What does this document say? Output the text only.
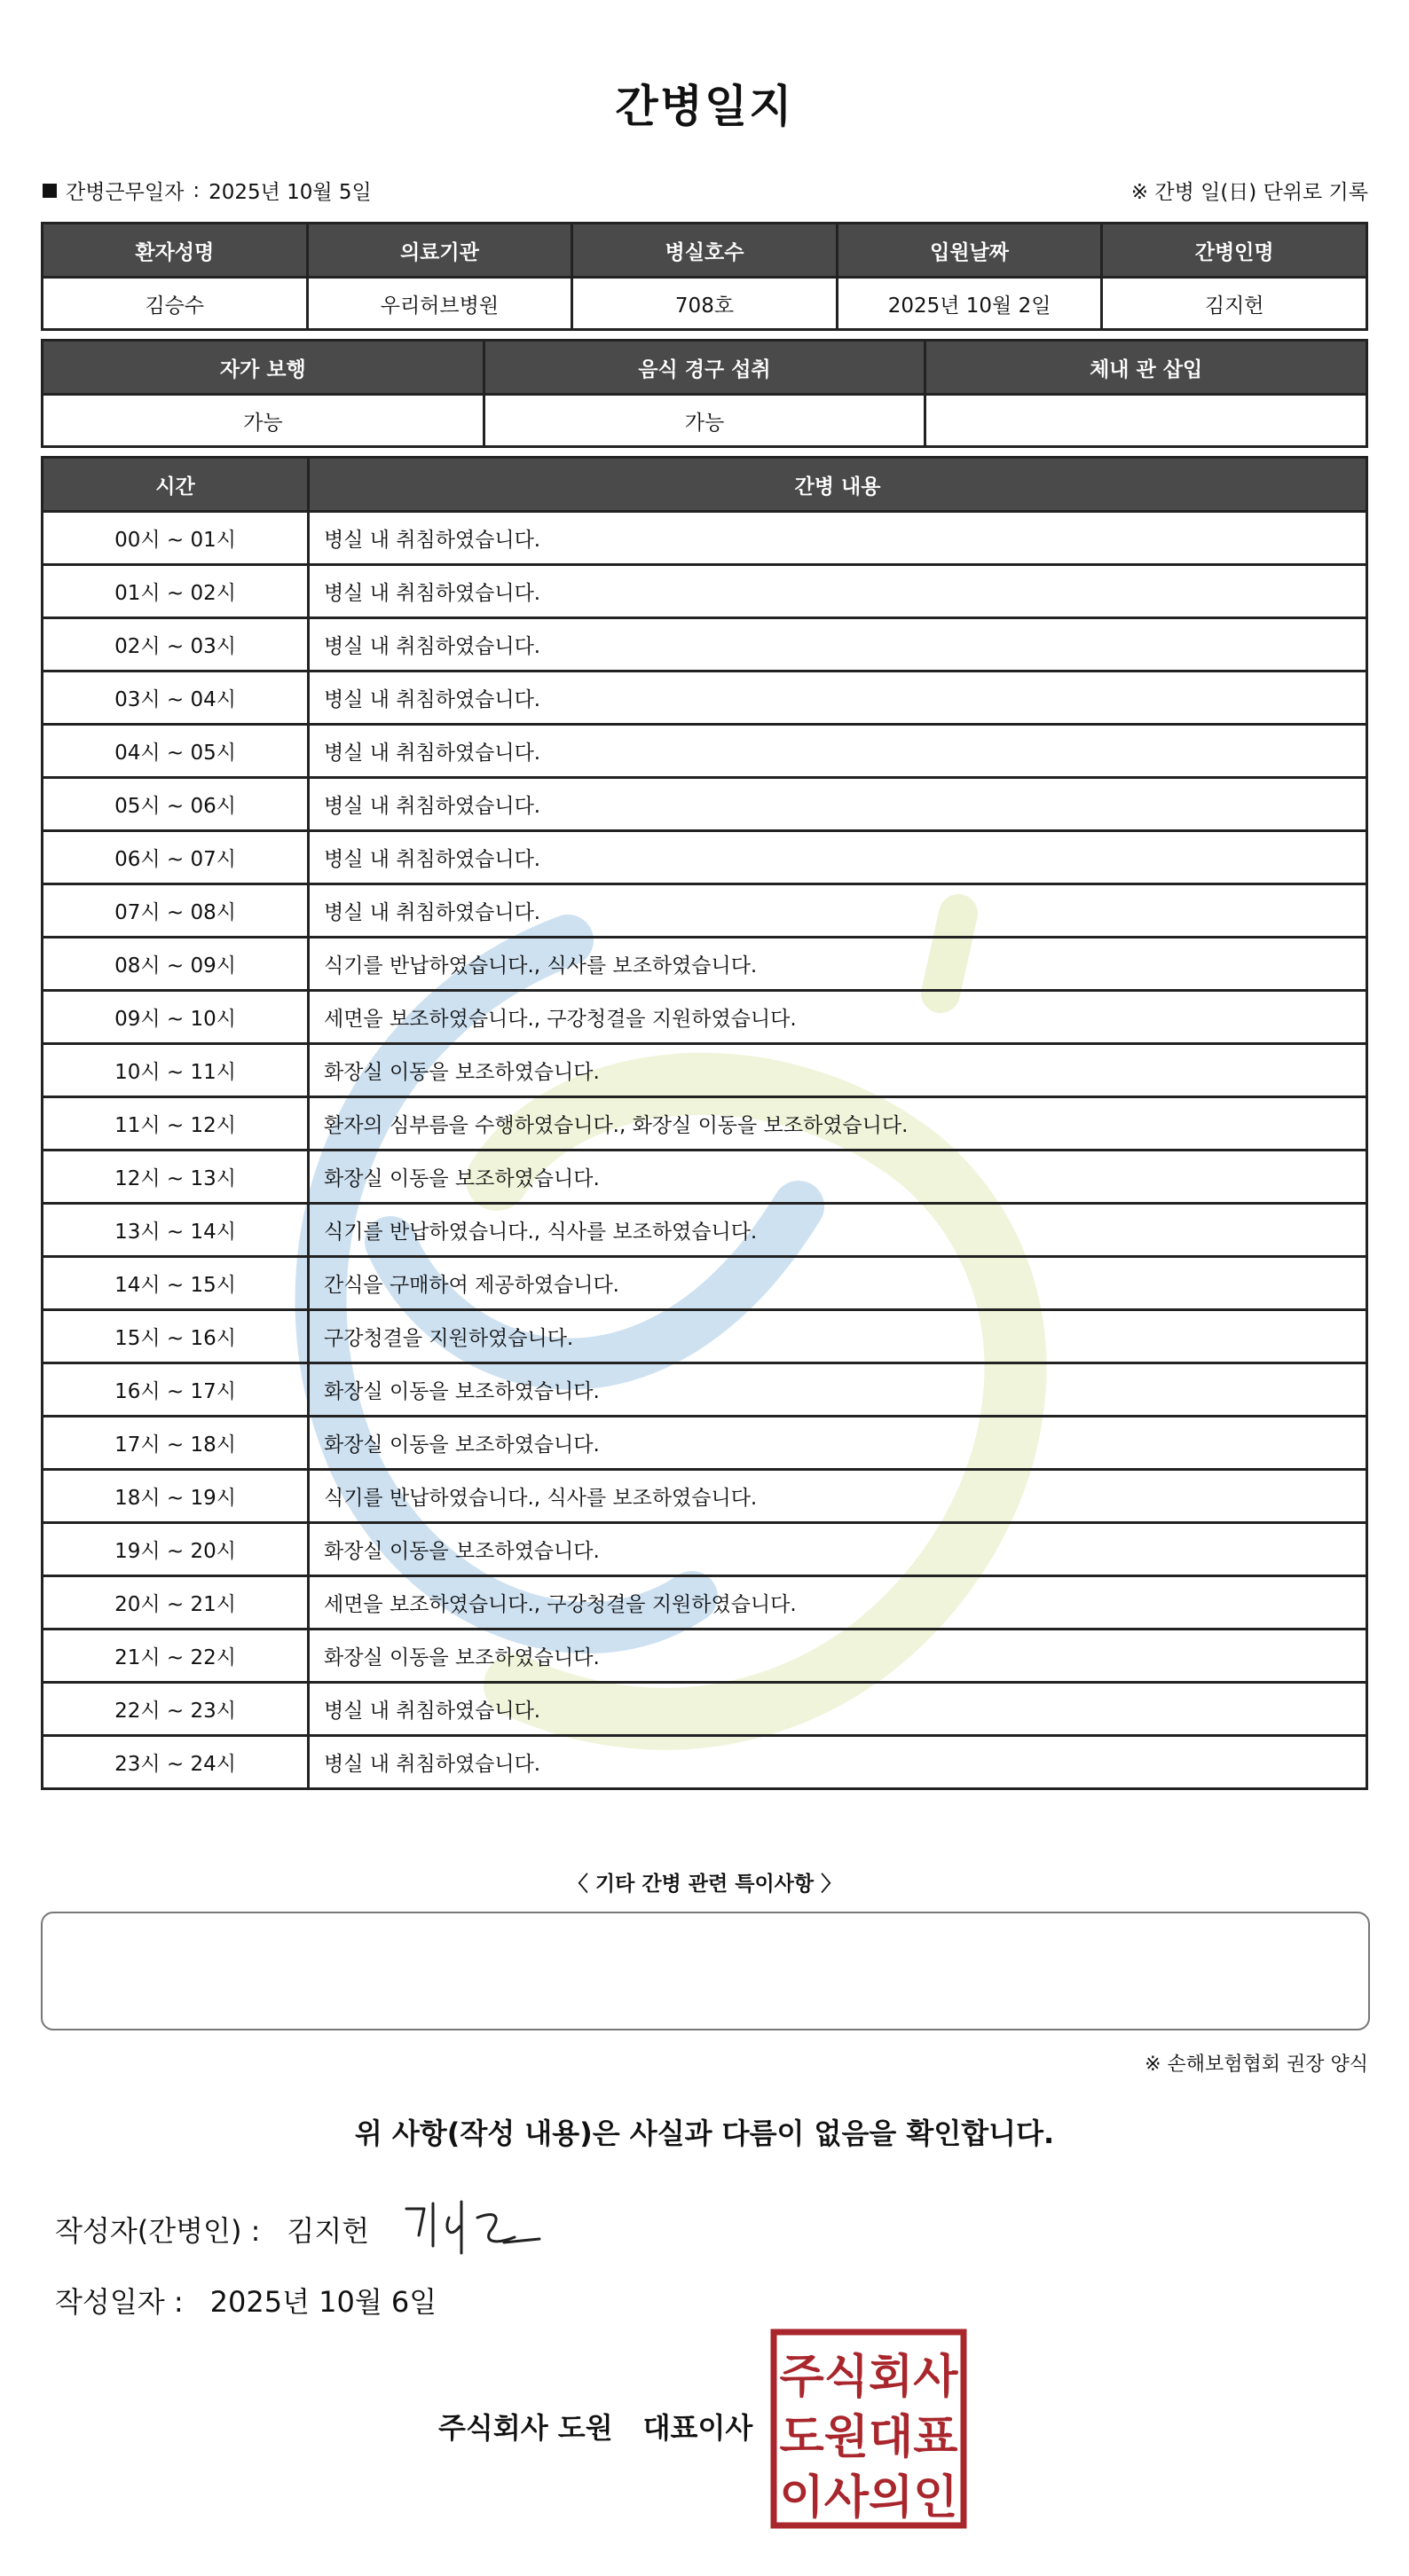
간병일지
간병근무일자 : 2025년 10월 5일	※ 간병 일(日) 단위로 기록
환자성명	의료기관	병실호수	입원날짜	간병인명
김승수	우리허브병원	708호	2025년 10월 2일	김지헌
자가 보행	음식 경구 섭취	체내 관 삽입
가능	가능	
시간	간병 내용
00시 ~ 01시	병실 내 취침하였습니다.
01시 ~ 02시	병실 내 취침하였습니다.
02시 ~ 03시	병실 내 취침하였습니다.
03시 ~ 04시	병실 내 취침하였습니다.
04시 ~ 05시	병실 내 취침하였습니다.
05시 ~ 06시	병실 내 취침하였습니다.
06시 ~ 07시	병실 내 취침하였습니다.
07시 ~ 08시	병실 내 취침하였습니다.
08시 ~ 09시	식기를 반납하였습니다., 식사를 보조하였습니다.
09시 ~ 10시	세면을 보조하였습니다., 구강청결을 지원하였습니다.
10시 ~ 11시	화장실 이동을 보조하였습니다.
11시 ~ 12시	환자의 심부름을 수행하였습니다., 화장실 이동을 보조하였습니다.
12시 ~ 13시	화장실 이동을 보조하였습니다.
13시 ~ 14시	식기를 반납하였습니다., 식사를 보조하였습니다.
14시 ~ 15시	간식을 구매하여 제공하였습니다.
15시 ~ 16시	구강청결을 지원하였습니다.
16시 ~ 17시	화장실 이동을 보조하였습니다.
17시 ~ 18시	화장실 이동을 보조하였습니다.
18시 ~ 19시	식기를 반납하였습니다., 식사를 보조하였습니다.
19시 ~ 20시	화장실 이동을 보조하였습니다.
20시 ~ 21시	세면을 보조하였습니다., 구강청결을 지원하였습니다.
21시 ~ 22시	화장실 이동을 보조하였습니다.
22시 ~ 23시	병실 내 취침하였습니다.
23시 ~ 24시	병실 내 취침하였습니다.
〈 기타 간병 관련 특이사항 〉
※ 손해보험협회 권장 양식
위 사항(작성 내용)은 사실과 다름이 없음을 확인합니다.
작성자(간병인) : 김지헌
작성일자 : 2025년 10월 6일
주식회사 도원 대표이사
주식회사
도원대표
이사의인
